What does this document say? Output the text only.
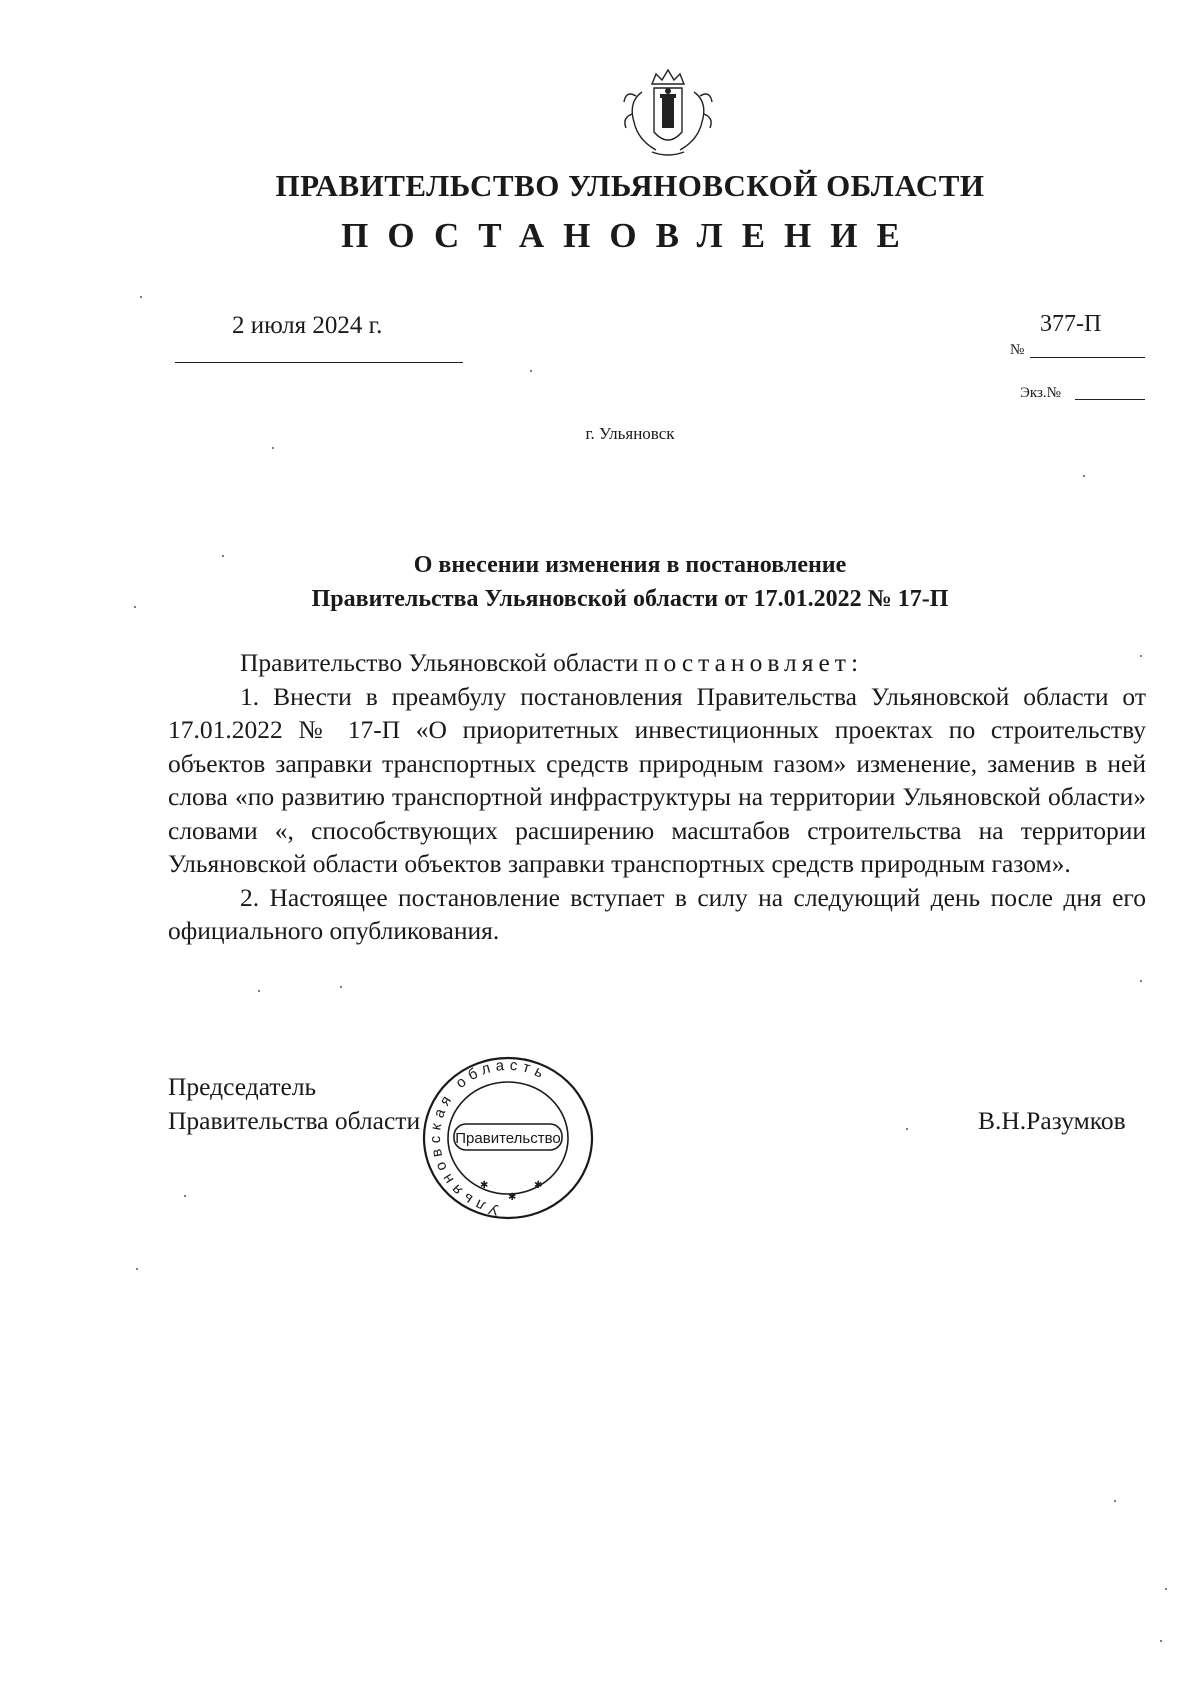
ПРАВИТЕЛЬСТВО УЛЬЯНОВСКОЙ ОБЛАСТИ
ПОСТАНОВЛЕНИЕ
2 июля 2024 г.	377-П
№
Экз.№
г. Ульяновск
О внесении изменения в постановление
Правительства Ульяновской области от 17.01.2022 № 17-П

Правительство Ульяновской области постановляет:

1. Внести в преамбулу постановления Правительства Ульяновской области от 17.01.2022 № 17-П «О приоритетных инвестиционных проектах по строительству объектов заправки транспортных средств природным газом» изменение, заменив в ней слова «по развитию транспортной инфраструктуры на территории Ульяновской области» словами «, способствующих расширению масштабов строительства на территории Ульяновской области объектов заправки транспортных средств природным газом».

2. Настоящее постановление вступает в силу на следующий день после дня его официального опубликования.

Председатель
Правительства области	В.Н.Разумков
Ульяновская область
Правительство
✱
✱
✱
